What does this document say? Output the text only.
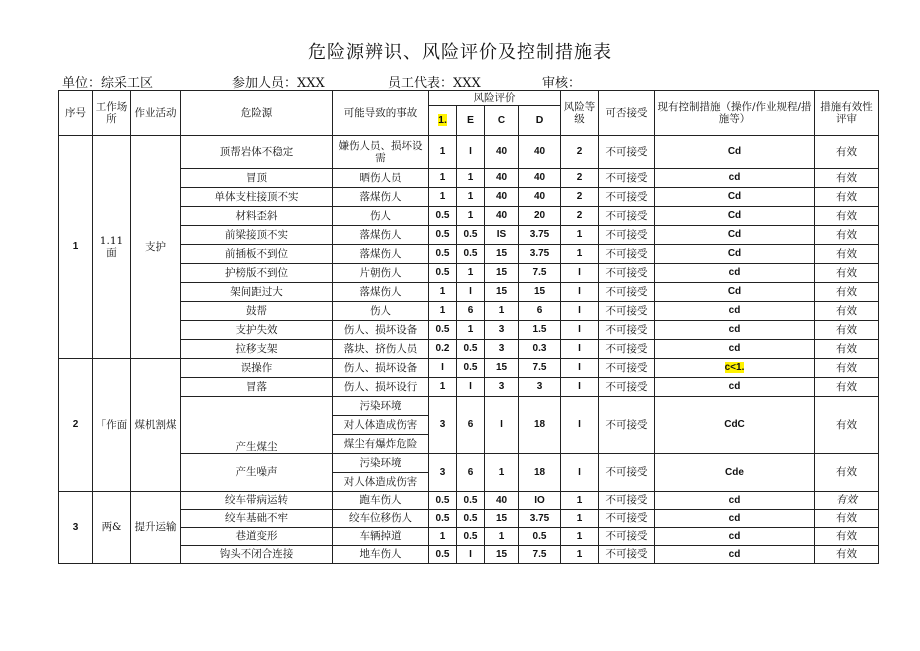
危险源辨识、风险评价及控制措施表
单位：综采工区	参加人员：XXX	员工代表：XXX	审核：
序号	工作场所	作业活动	危险源	可能导致的事故	风险评价				风险等级	可否接受	现有控制措施（操作/作业规程/措施等）	措施有效性评审
					1.	E	C	D				
1	1.11面	支护	顶帮岩体不稳定	嫌伤人员、损坏设需	1	I	40	40	2	不可接受	Cd	有效
			冒顶	晒伤人员	1	1	40	40	2	不可接受	cd	有效
			单体支柱接顶不实	落煤伤人	1	1	40	40	2	不可接受	Cd	有效
			材料歪斜	伤人	0.5	1	40	20	2	不可接受	Cd	有效
			前梁接顶不实	落煤伤人	0.5	0.5	IS	3.75	1	不可接受	Cd	有效
			前插板不到位	落煤伤人	0.5	0.5	15	3.75	1	不可接受	Cd	有效
			护榜版不到位	片朝伤人	0.5	1	15	7.5	I	不可接受	cd	有效
			架间距过大	落煤伤人	1	I	15	15	I	不可接受	Cd	有效
			鼓帮	伤人	1	6	1	6	I	不可接受	cd	有效
			支护失效	伤人、损坏设备	0.5	1	3	1.5	I	不可接受	cd	有效
			拉移支架	落块、挤伤人员	0.2	0.5	3	0.3	I	不可接受	cd	有效
2	「作面	煤机割煤	误操作	伤人、损坏设备	I	0.5	15	7.5	I	不可接受	c<1.	有效
			冒落	伤人、损坏设行	1	I	3	3	I	不可接受	cd	有效
			产生煤尘	污染环境	3	6	I	18	I	不可接受	CdC	有效
				对人体造成伤害								
				煤尘有爆炸危险								
			产生噪声	污染环境	3	6	1	18	I	不可接受	Cde	有效
				对人体造成伤害								
3	两&	提升运输	绞车带病运转	跑车伤人	0.5	0.5	40	IO	1	不可接受	cd	有效
			绞车基础不牢	绞车位移伤人	0.5	0.5	15	3.75	1	不可接受	cd	有效
			巷道变形	车辆掉道	1	0.5	1	0.5	1	不可接受	cd	有效
			钩头不闭合连接	地车伤人	0.5	I	15	7.5	1	不可接受	cd	有效
